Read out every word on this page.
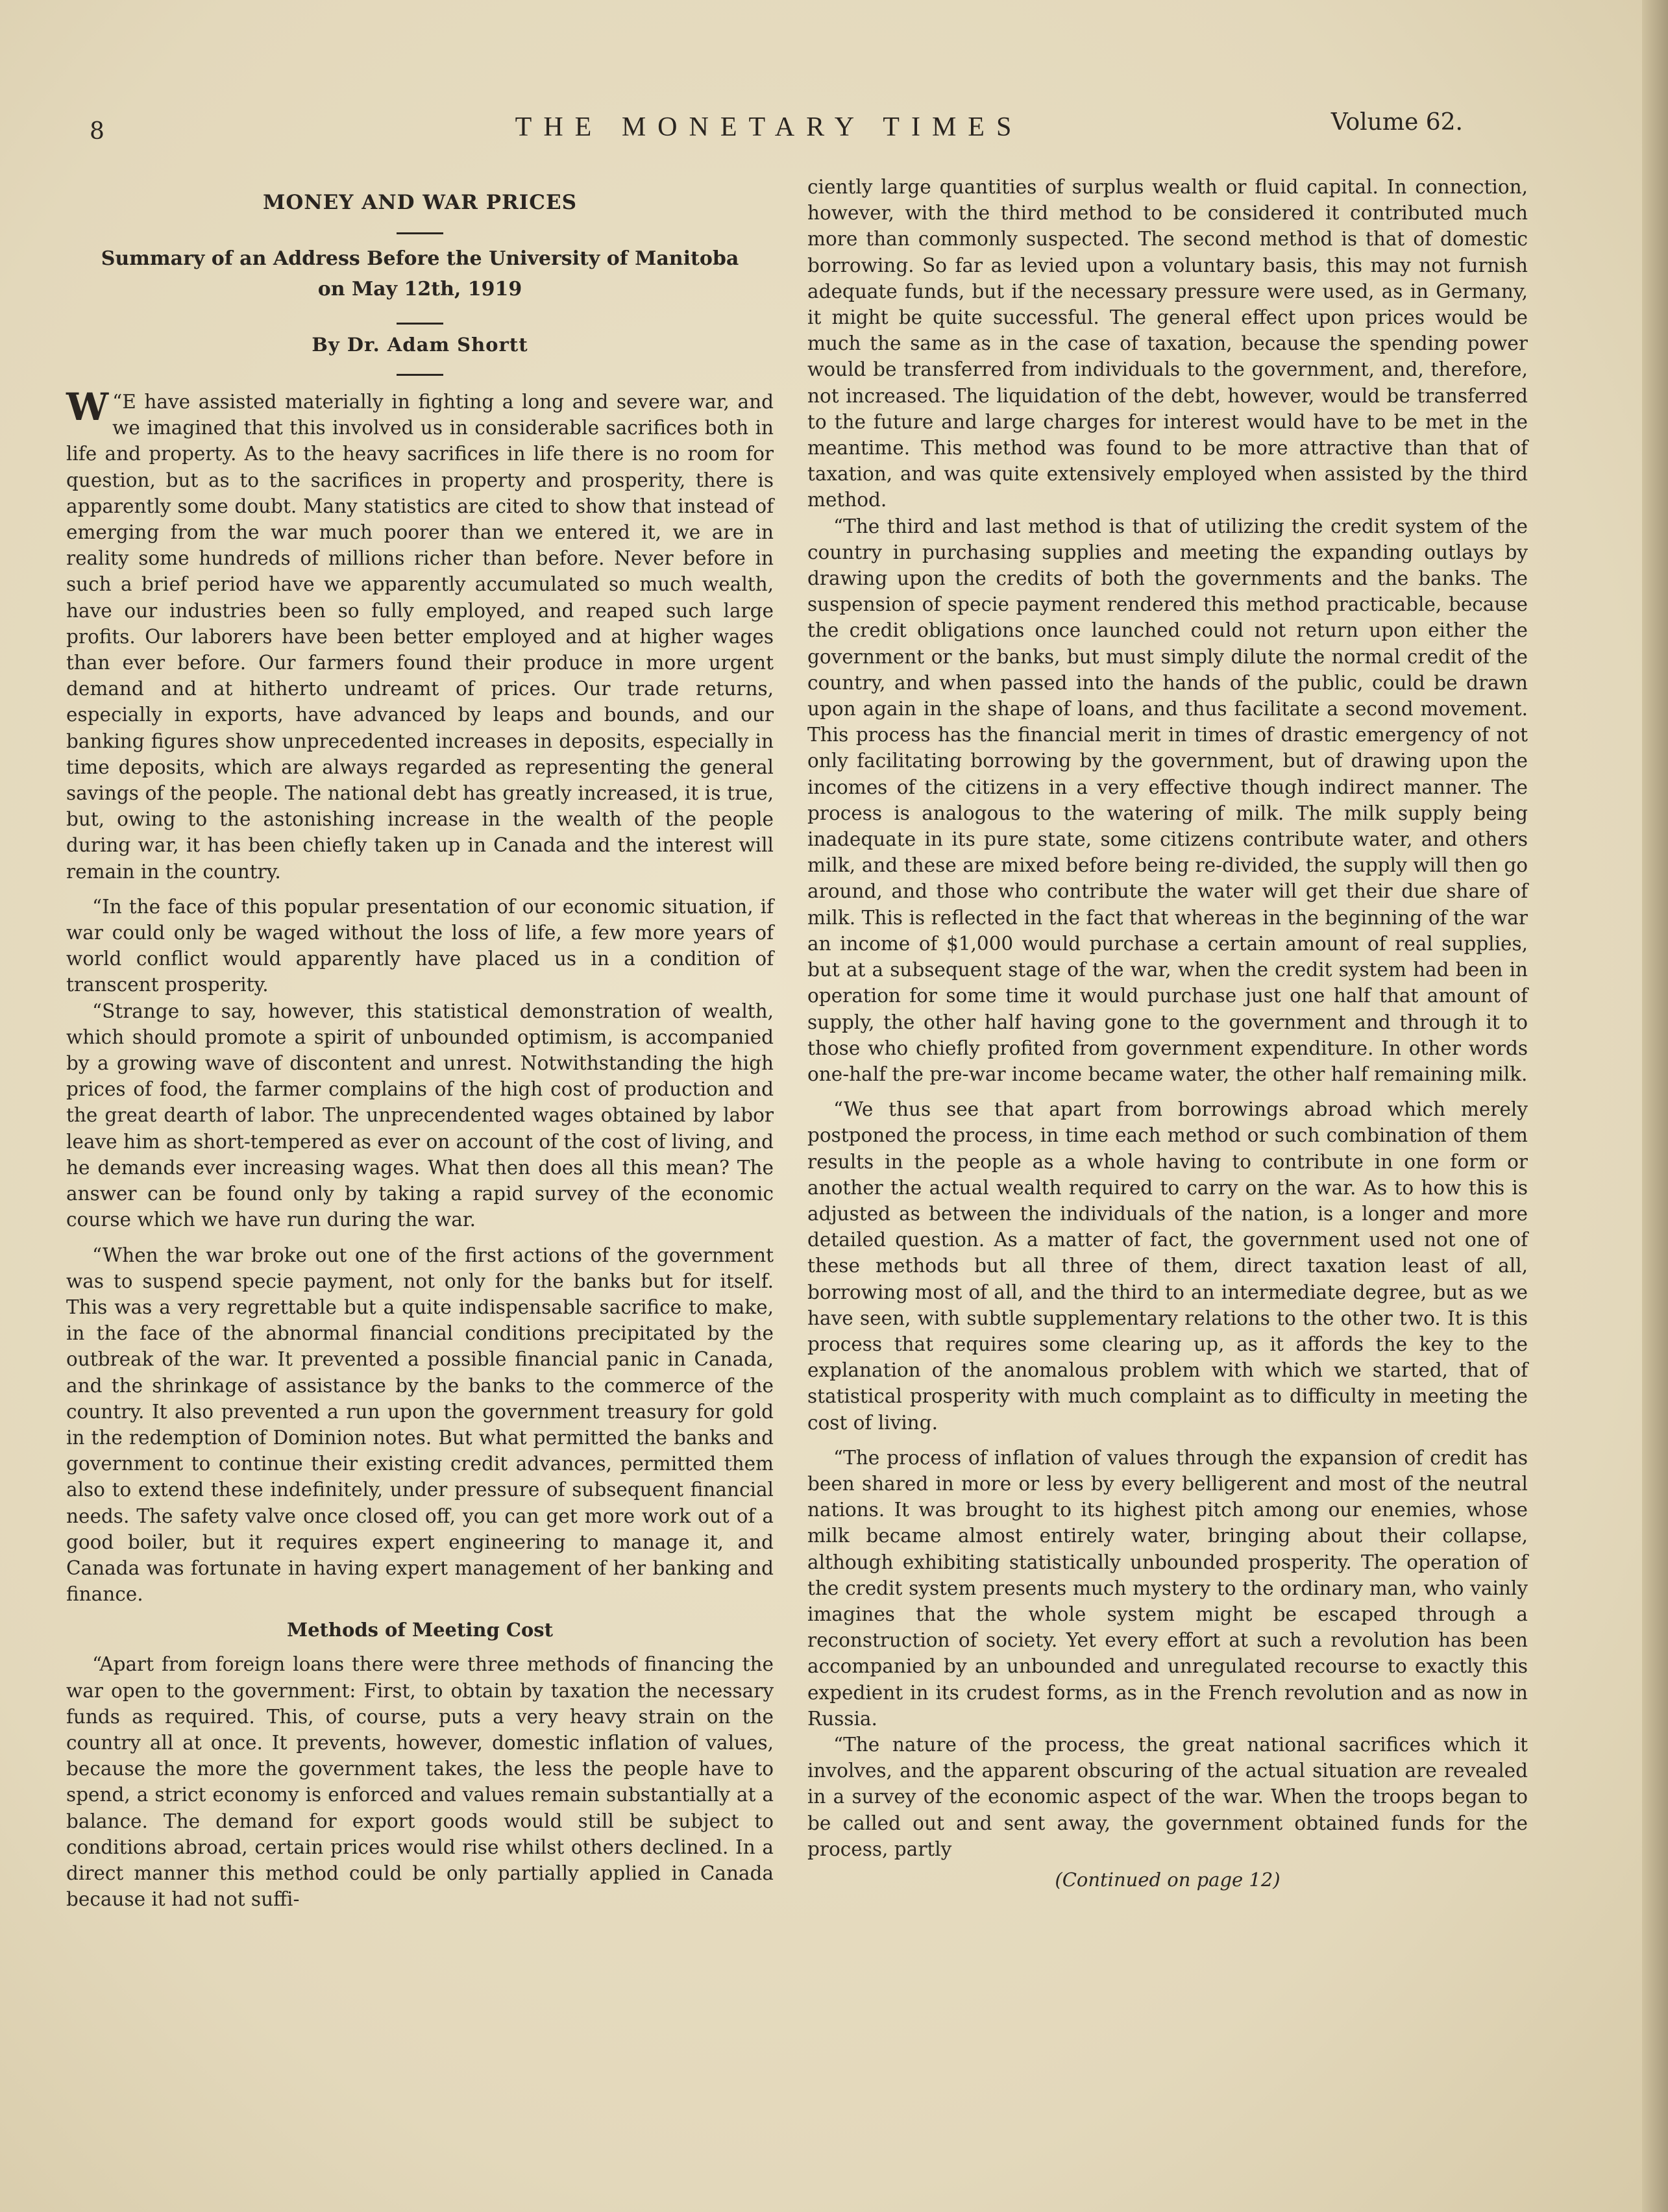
8	THE MONETARY TIMES	Volume 62.
MONEY AND WAR PRICES
Summary of an Address Before the University of Manitoba
on May 12th, 1919
By Dr. Adam Shortt

“
W E have assisted materially in fighting a long and severe war, and we imagined that this involved us in considerable sacrifices both in life and property. As to the heavy sacrifices in life there is no room for question, but as to the sacrifices in property and prosperity, there is apparently some doubt. Many statistics are cited to show that instead of emerging from the war much poorer than we entered it, we are in reality some hundreds of millions richer than before. Never before in such a brief period have we apparently accumulated so much wealth, have our industries been so fully employed, and reaped such large profits. Our laborers have been better employed and at higher wages than ever before. Our farmers found their produce in more urgent demand and at hitherto undreamt of prices. Our trade returns, especially in exports, have advanced by leaps and bounds, and our banking figures show unprecedented increases in deposits, especially in time deposits, which are always regarded as representing the general savings of the people. The national debt has greatly increased, it is true, but, owing to the astonishing increase in the wealth of the people during war, it has been chiefly taken up in Canada and the interest will remain in the country.

“In the face of this popular presentation of our economic situation, if war could only be waged without the loss of life, a few more years of world conflict would apparently have placed us in a condition of transcent prosperity.

“Strange to say, however, this statistical demonstration of wealth, which should promote a spirit of unbounded optimism, is accompanied by a growing wave of discontent and unrest. Notwithstanding the high prices of food, the farmer complains of the high cost of production and the great dearth of labor. The unprecendented wages obtained by labor leave him as short-tempered as ever on account of the cost of living, and he demands ever increasing wages. What then does all this mean? The answer can be found only by taking a rapid survey of the economic course which we have run during the war.

“When the war broke out one of the first actions of the government was to suspend specie payment, not only for the banks but for itself. This was a very regrettable but a quite indispensable sacrifice to make, in the face of the abnormal financial conditions precipitated by the outbreak of the war. It prevented a possible financial panic in Canada, and the shrinkage of assistance by the banks to the commerce of the country. It also prevented a run upon the government treasury for gold in the redemption of Dominion notes. But what permitted the banks and government to continue their existing credit advances, permitted them also to extend these indefinitely, under pressure of subsequent financial needs. The safety valve once closed off, you can get more work out of a good boiler, but it requires expert engineering to manage it, and Canada was fortunate in having expert management of her banking and finance.

Methods of Meeting Cost

“Apart from foreign loans there were three methods of financing the war open to the government: First, to obtain by taxation the necessary funds as required. This, of course, puts a very heavy strain on the country all at once. It prevents, however, domestic inflation of values, because the more the government takes, the less the people have to spend, a strict economy is enforced and values remain substantially at a balance. The demand for export goods would still be subject to conditions abroad, certain prices would rise whilst others declined. In a direct manner this method could be only partially applied in Canada because it had not suffi-

ciently large quantities of surplus wealth or fluid capital. In connection, however, with the third method to be considered it contributed much more than commonly suspected. The second method is that of domestic borrowing. So far as levied upon a voluntary basis, this may not furnish adequate funds, but if the necessary pressure were used, as in Germany, it might be quite successful. The general effect upon prices would be much the same as in the case of taxation, because the spending power would be transferred from individuals to the government, and, therefore, not increased. The liquidation of the debt, however, would be transferred to the future and large charges for interest would have to be met in the meantime. This method was found to be more attractive than that of taxation, and was quite extensively employed when assisted by the third method.

“The third and last method is that of utilizing the credit system of the country in purchasing supplies and meeting the expanding outlays by drawing upon the credits of both the governments and the banks. The suspension of specie payment rendered this method practicable, because the credit obligations once launched could not return upon either the government or the banks, but must simply dilute the normal credit of the country, and when passed into the hands of the public, could be drawn upon again in the shape of loans, and thus facilitate a second movement. This process has the financial merit in times of drastic emergency of not only facilitating borrowing by the government, but of drawing upon the incomes of the citizens in a very effective though indirect manner. The process is analogous to the watering of milk. The milk supply being inadequate in its pure state, some citizens contribute water, and others milk, and these are mixed before being re-divided, the supply will then go around, and those who contribute the water will get their due share of milk. This is reflected in the fact that whereas in the beginning of the war an income of $1,000 would purchase a certain amount of real supplies, but at a subsequent stage of the war, when the credit system had been in operation for some time it would purchase just one half that amount of supply, the other half having gone to the government and through it to those who chiefly profited from government expenditure. In other words one-half the pre-war income became water, the other half remaining milk.

“We thus see that apart from borrowings abroad which merely postponed the process, in time each method or such combination of them results in the people as a whole having to contribute in one form or another the actual wealth required to carry on the war. As to how this is adjusted as between the individuals of the nation, is a longer and more detailed question. As a matter of fact, the government used not one of these methods but all three of them, direct taxation least of all, borrowing most of all, and the third to an intermediate degree, but as we have seen, with subtle supplementary relations to the other two. It is this process that requires some clearing up, as it affords the key to the explanation of the anomalous problem with which we started, that of statistical prosperity with much complaint as to difficulty in meeting the cost of living.

“The process of inflation of values through the expansion of credit has been shared in more or less by every belligerent and most of the neutral nations. It was brought to its highest pitch among our enemies, whose milk became almost entirely water, bringing about their collapse, although exhibiting statistically unbounded prosperity. The operation of the credit system presents much mystery to the ordinary man, who vainly imagines that the whole system might be escaped through a reconstruction of society. Yet every effort at such a revolution has been accompanied by an unbounded and unregulated recourse to exactly this expedient in its crudest forms, as in the French revolution and as now in Russia.

“The nature of the process, the great national sacrifices which it involves, and the apparent obscuring of the actual situation are revealed in a survey of the economic aspect of the war. When the troops began to be called out and sent away, the government obtained funds for the process, partly

(Continued on page 12)
